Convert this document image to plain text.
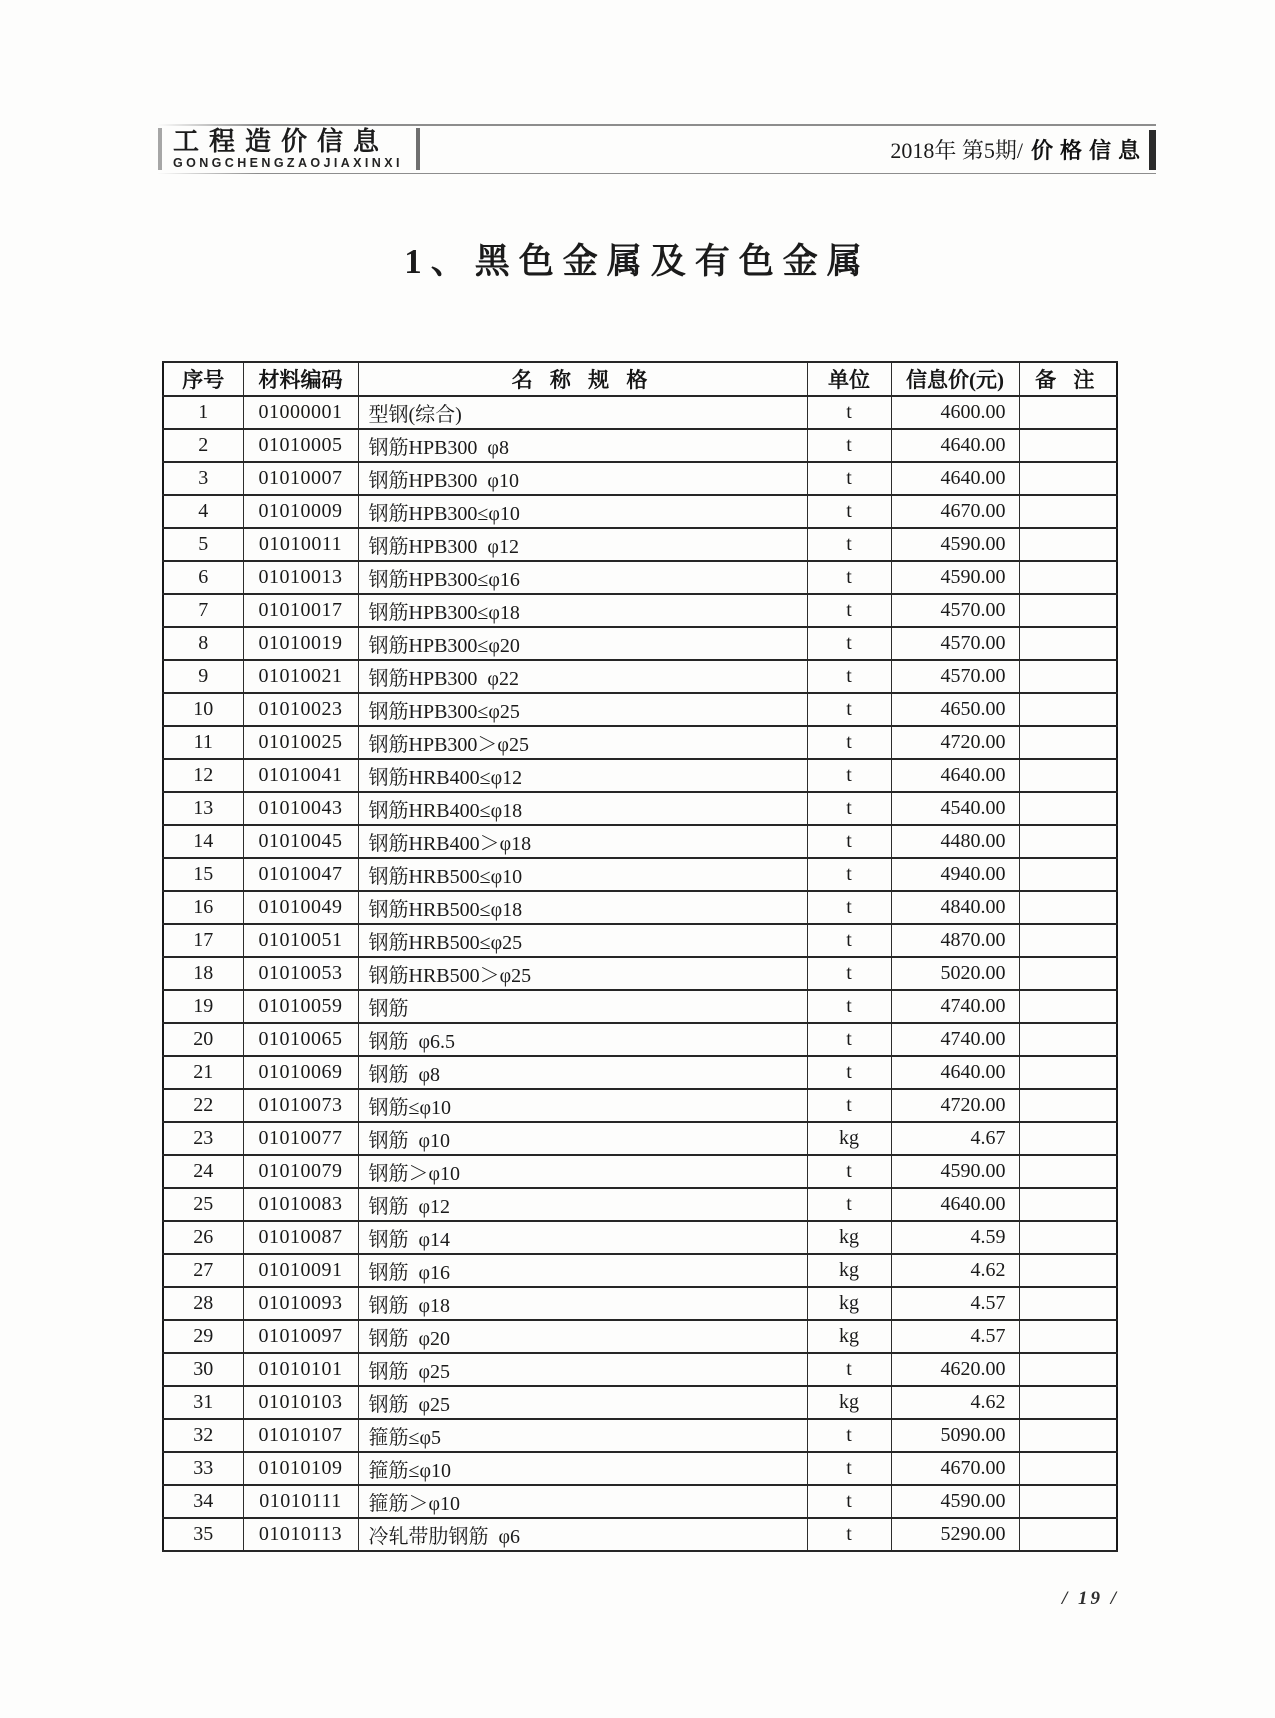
工程造价信息
GONGCHENGZAOJIAXINXI	2018年 第5期/ 价格信息
1、黑色金属及有色金属
序号	材料编码	名 称 规 格	单位	信息价(元)	备 注
1	01000001	型钢(综合)	t	4600.00	
2	01010005	钢筋HPB300  φ8	t	4640.00	
3	01010007	钢筋HPB300  φ10	t	4640.00	
4	01010009	钢筋HPB300≤φ10	t	4670.00	
5	01010011	钢筋HPB300  φ12	t	4590.00	
6	01010013	钢筋HPB300≤φ16	t	4590.00	
7	01010017	钢筋HPB300≤φ18	t	4570.00	
8	01010019	钢筋HPB300≤φ20	t	4570.00	
9	01010021	钢筋HPB300  φ22	t	4570.00	
10	01010023	钢筋HPB300≤φ25	t	4650.00	
11	01010025	钢筋HPB300＞φ25	t	4720.00	
12	01010041	钢筋HRB400≤φ12	t	4640.00	
13	01010043	钢筋HRB400≤φ18	t	4540.00	
14	01010045	钢筋HRB400＞φ18	t	4480.00	
15	01010047	钢筋HRB500≤φ10	t	4940.00	
16	01010049	钢筋HRB500≤φ18	t	4840.00	
17	01010051	钢筋HRB500≤φ25	t	4870.00	
18	01010053	钢筋HRB500＞φ25	t	5020.00	
19	01010059	钢筋	t	4740.00	
20	01010065	钢筋  φ6.5	t	4740.00	
21	01010069	钢筋  φ8	t	4640.00	
22	01010073	钢筋≤φ10	t	4720.00	
23	01010077	钢筋  φ10	kg	4.67	
24	01010079	钢筋＞φ10	t	4590.00	
25	01010083	钢筋  φ12	t	4640.00	
26	01010087	钢筋  φ14	kg	4.59	
27	01010091	钢筋  φ16	kg	4.62	
28	01010093	钢筋  φ18	kg	4.57	
29	01010097	钢筋  φ20	kg	4.57	
30	01010101	钢筋  φ25	t	4620.00	
31	01010103	钢筋  φ25	kg	4.62	
32	01010107	箍筋≤φ5	t	5090.00	
33	01010109	箍筋≤φ10	t	4670.00	
34	01010111	箍筋＞φ10	t	4590.00	
35	01010113	冷轧带肋钢筋  φ6	t	5290.00	
/ 19 /
